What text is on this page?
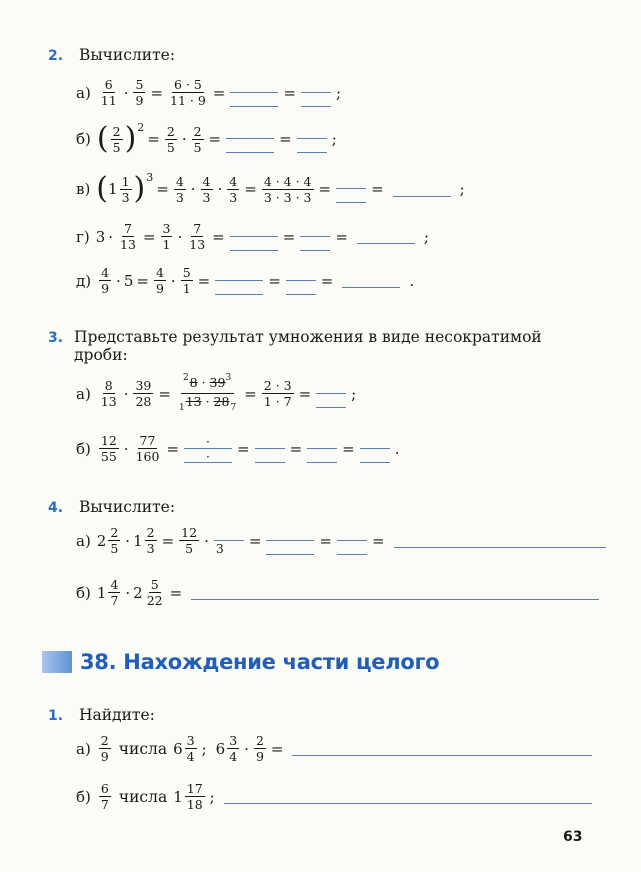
2. Вычислите:
а) 6
$11 \cdot \frac{5}{9} = \frac{6 \cdot 5}{11 \cdot 9}$ =	=	;
б) ( 2
5 ) 2
= $\frac{2}{5} \cdot \frac{2}{5}$ =	=	;
в) ( 1 1
3 ) 3
= $\frac{4}{3} \cdot 4$
$3 \cdot \frac{4}{3} = \frac{4 \cdot 4 \cdot 4}{3 \cdot 3 \cdot 3}$ =	=	;
г) $3 \cdot \frac{7}{13} = \frac{3}{1} \cdot \frac{7}{13}$ =	=	=	;
д) 4
$9 \cdot 5 = \frac{4}{9} \cdot \frac{5}{1}$ =	=	=	.
3. Представьте результат умножения в виде несократимой
дроби:
а) 8
$13 \cdot \frac{39}{28} = \frac{^28 \cdot 39^3}{_113 \cdot 28_7} = \frac{2 \cdot 3}{1 \cdot 7}$ =	;
б) 12
$55 \cdot \frac{77}{160}$ =	·
·	=	=	=	.
4. Вычислите:
а) 2 2
5 · 1 2
$3 = \frac{12}{5} \cdot 3$	=	=	=
б) 1 4
7 · 2 5
22 =
38. Нахождение части целого
1. Найдите:
а) 2
9 числа 6 3
4 ; 6 3
$4 \cdot \frac{2}{9}$ =
б) 6
7 числа 1 17
18 ;
63
